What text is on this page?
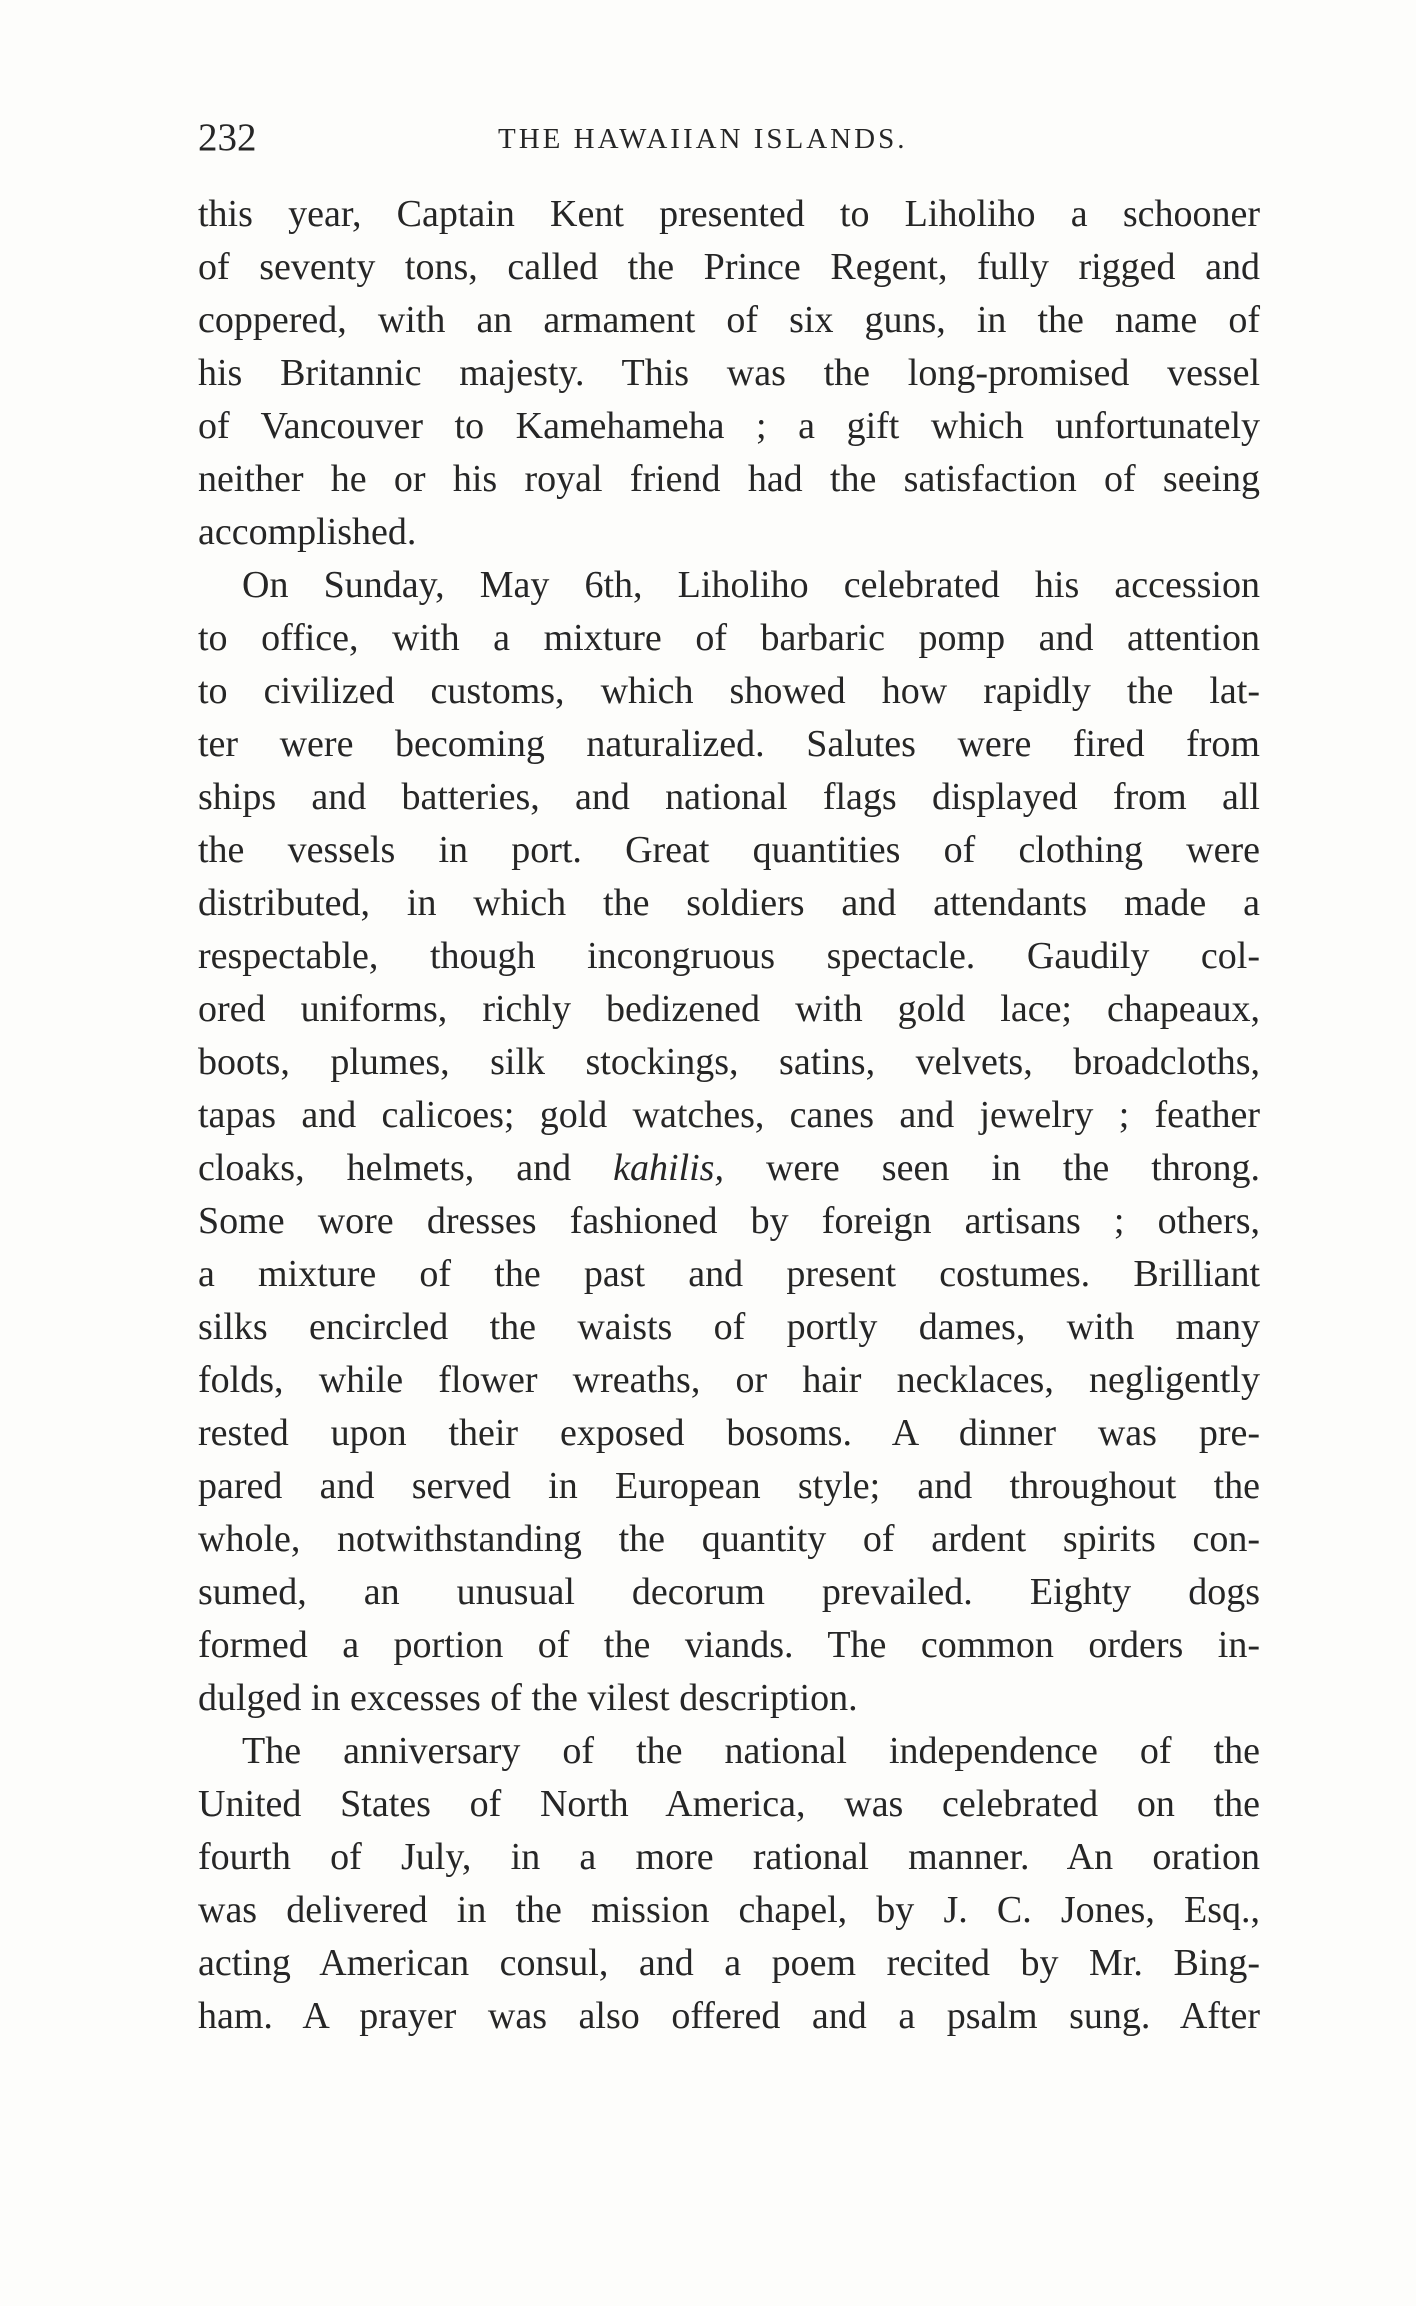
232	THE HAWAIIAN ISLANDS.
this year, Captain Kent presented to Liholiho a schooner
of seventy tons, called the Prince Regent, fully rigged and
coppered, with an armament of six guns, in the name of
his Britannic majesty. This was the long-promised vessel
of Vancouver to Kamehameha ; a gift which unfortunately
neither he or his royal friend had the satisfaction of seeing
accomplished.
On Sunday, May 6th, Liholiho celebrated his accession
to office, with a mixture of barbaric pomp and attention
to civilized customs, which showed how rapidly the lat-
ter were becoming naturalized. Salutes were fired from
ships and batteries, and national flags displayed from all
the vessels in port. Great quantities of clothing were
distributed, in which the soldiers and attendants made a
respectable, though incongruous spectacle. Gaudily col-
ored uniforms, richly bedizened with gold lace; chapeaux,
boots, plumes, silk stockings, satins, velvets, broadcloths,
tapas and calicoes; gold watches, canes and jewelry ; feather
cloaks, helmets, and kahilis, were seen in the throng.
Some wore dresses fashioned by foreign artisans ; others,
a mixture of the past and present costumes. Brilliant
silks encircled the waists of portly dames, with many
folds, while flower wreaths, or hair necklaces, negligently
rested upon their exposed bosoms. A dinner was pre-
pared and served in European style; and throughout the
whole, notwithstanding the quantity of ardent spirits con-
sumed, an unusual decorum prevailed. Eighty dogs
formed a portion of the viands. The common orders in-
dulged in excesses of the vilest description.
The anniversary of the national independence of the
United States of North America, was celebrated on the
fourth of July, in a more rational manner. An oration
was delivered in the mission chapel, by J. C. Jones, Esq.,
acting American consul, and a poem recited by Mr. Bing-
ham. A prayer was also offered and a psalm sung. After
